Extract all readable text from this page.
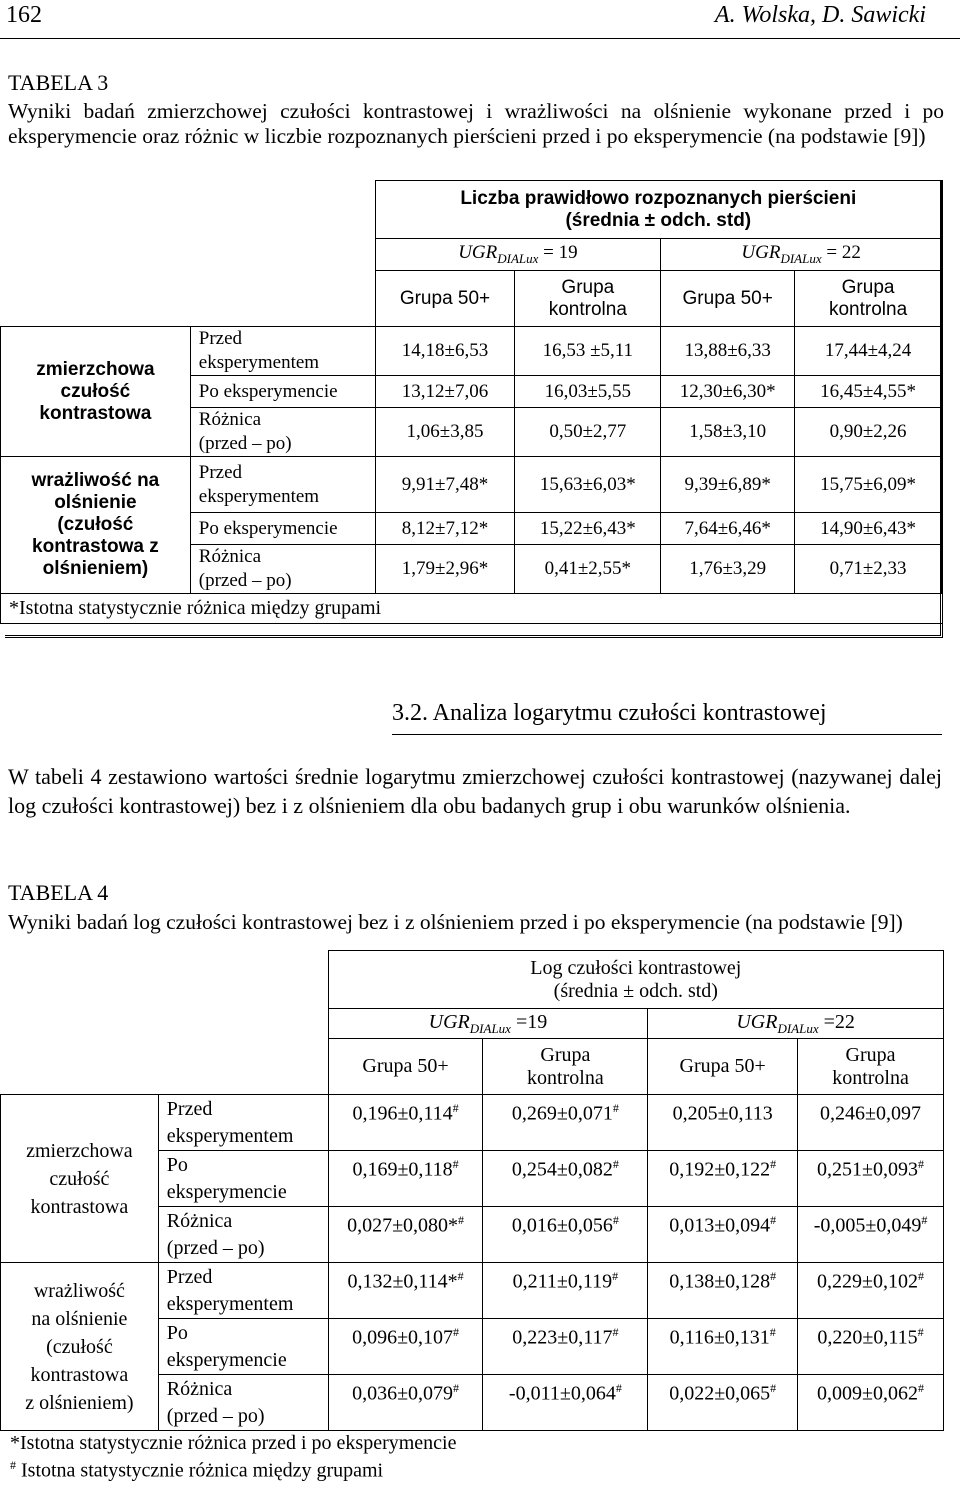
162	A. Wolska, D. Sawicki
TABELA 3
Wyniki badań zmierzchowej czułości kontrastowej i wrażliwości na olśnienie wykonane przed i po eksperymencie oraz różnic w liczbie rozpoznanych pierścieni przed i po eksperymencie (na podstawie [9])
		Liczba prawidłowo rozpoznanych pierścieni
(średnia ± odch. std)			
		$UGR_{DIALux} = 19$		$UGR_{DIALux} = 22$	
		Grupa 50+	Grupa
kontrolna	Grupa 50+	Grupa
kontrolna
zmierzchowa
czułość
kontrastowa	Przed
eksperymentem	14,18±6,53	16,53 ±5,11	13,88±6,33	17,44±4,24
	Po eksperymencie	13,12±7,06	16,03±5,55	12,30±6,30*	16,45±4,55*
	Różnica
(przed – po)	1,06±3,85	0,50±2,77	1,58±3,10	0,90±2,26
wrażliwość na
olśnienie
(czułość
kontrastowa z
olśnieniem)	Przed
eksperymentem	9,91±7,48*	15,63±6,03*	9,39±6,89*	15,75±6,09*
	Po eksperymencie	8,12±7,12*	15,22±6,43*	7,64±6,46*	14,90±6,43*
	Różnica
(przed – po)	1,79±2,96*	0,41±2,55*	1,76±3,29	0,71±2,33
*Istotna statystycznie różnica między grupami					
3.2. Analiza logarytmu czułości kontrastowej
W tabeli 4 zestawiono wartości średnie logarytmu zmierzchowej czułości kontrastowej (nazywanej dalej log czułości kontrastowej) bez i z olśnieniem dla obu badanych grup i obu warunków olśnienia.
TABELA 4
Wyniki badań log czułości kontrastowej bez i z olśnieniem przed i po eksperymencie (na podstawie [9])
		Log czułości kontrastowej
(średnia ± odch. std)			
		$UGR_{DIALux} =19$		$UGR_{DIALux} =22$	
		Grupa 50+	Grupa
kontrolna	Grupa 50+	Grupa
kontrolna
zmierzchowa
czułość
kontrastowa	Przed
eksperymentem	0,196±0,114#	0,269±0,071#	0,205±0,113	0,246±0,097
	Po
eksperymencie	0,169±0,118#	0,254±0,082#	0,192±0,122#	0,251±0,093#
	Różnica
(przed – po)	0,027±0,080*#	0,016±0,056#	0,013±0,094#	-0,005±0,049#
wrażliwość
na olśnienie
(czułość
kontrastowa
z olśnieniem)	Przed
eksperymentem	0,132±0,114*#	0,211±0,119#	0,138±0,128#	0,229±0,102#
	Po
eksperymencie	0,096±0,107#	0,223±0,117#	0,116±0,131#	0,220±0,115#
	Różnica
(przed – po)	0,036±0,079#	-0,011±0,064#	0,022±0,065#	0,009±0,062#
*Istotna statystycznie różnica przed i po eksperymencie
# Istotna statystycznie różnica między grupami
